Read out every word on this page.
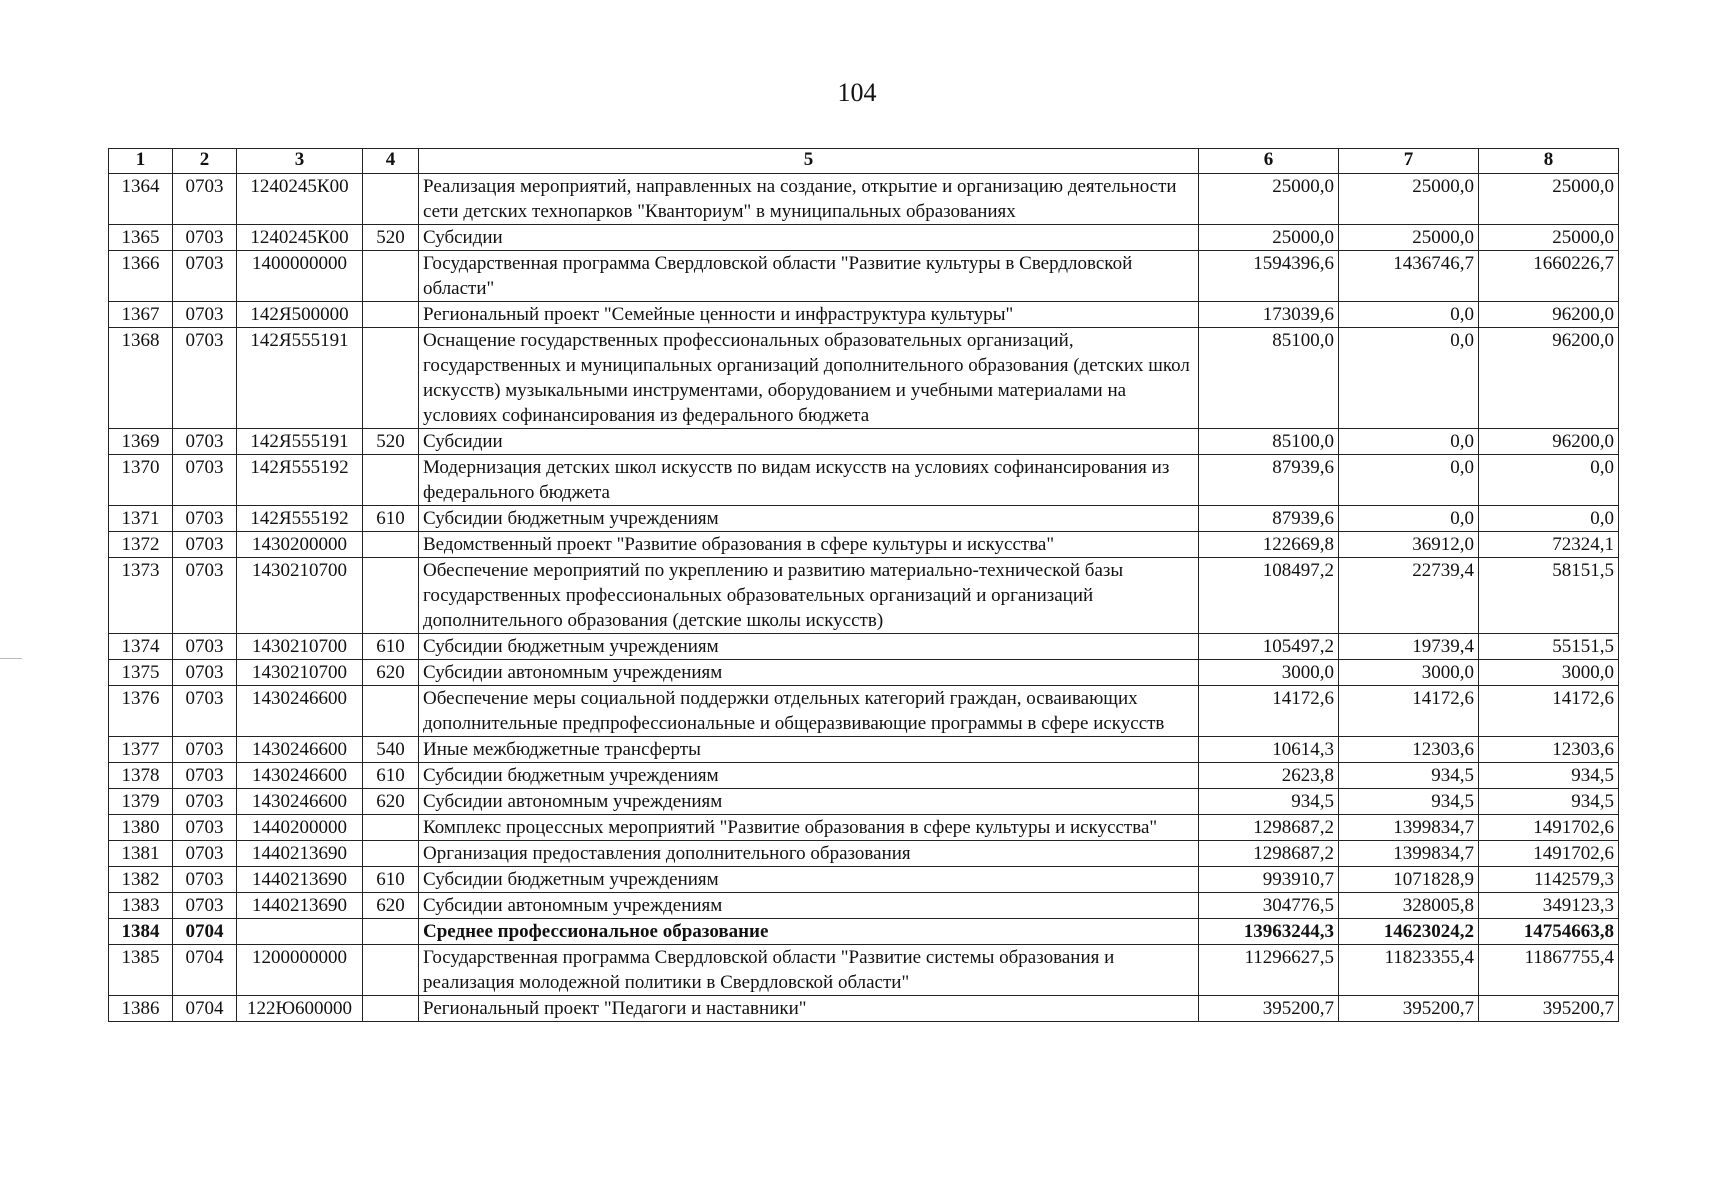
104
1	2	3	4	5	6	7	8
1364	0703	1240245К00		Реализация мероприятий, направленных на создание, открытие и организацию деятельности сети детских технопарков "Кванториум" в муниципальных образованиях	25000,0	25000,0	25000,0
1365	0703	1240245К00	520	Субсидии	25000,0	25000,0	25000,0
1366	0703	1400000000		Государственная программа Свердловской области "Развитие культуры в Свердловской области"	1594396,6	1436746,7	1660226,7
1367	0703	142Я500000		Региональный проект "Семейные ценности и инфраструктура культуры"	173039,6	0,0	96200,0
1368	0703	142Я555191		Оснащение государственных профессиональных образовательных организаций, государственных и муниципальных организаций дополнительного образования (детских школ искусств) музыкальными инструментами, оборудованием и учебными материалами на условиях софинансирования из федерального бюджета	85100,0	0,0	96200,0
1369	0703	142Я555191	520	Субсидии	85100,0	0,0	96200,0
1370	0703	142Я555192		Модернизация детских школ искусств по видам искусств на условиях софинансирования из федерального бюджета	87939,6	0,0	0,0
1371	0703	142Я555192	610	Субсидии бюджетным учреждениям	87939,6	0,0	0,0
1372	0703	1430200000		Ведомственный проект "Развитие образования в сфере культуры и искусства"	122669,8	36912,0	72324,1
1373	0703	1430210700		Обеспечение мероприятий по укреплению и развитию материально-технической базы государственных профессиональных образовательных организаций и организаций дополнительного образования (детские школы искусств)	108497,2	22739,4	58151,5
1374	0703	1430210700	610	Субсидии бюджетным учреждениям	105497,2	19739,4	55151,5
1375	0703	1430210700	620	Субсидии автономным учреждениям	3000,0	3000,0	3000,0
1376	0703	1430246600		Обеспечение меры социальной поддержки отдельных категорий граждан, осваивающих дополнительные предпрофессиональные и общеразвивающие программы в сфере искусств	14172,6	14172,6	14172,6
1377	0703	1430246600	540	Иные межбюджетные трансферты	10614,3	12303,6	12303,6
1378	0703	1430246600	610	Субсидии бюджетным учреждениям	2623,8	934,5	934,5
1379	0703	1430246600	620	Субсидии автономным учреждениям	934,5	934,5	934,5
1380	0703	1440200000		Комплекс процессных мероприятий "Развитие образования в сфере культуры и искусства"	1298687,2	1399834,7	1491702,6
1381	0703	1440213690		Организация предоставления дополнительного образования	1298687,2	1399834,7	1491702,6
1382	0703	1440213690	610	Субсидии бюджетным учреждениям	993910,7	1071828,9	1142579,3
1383	0703	1440213690	620	Субсидии автономным учреждениям	304776,5	328005,8	349123,3
1384	0704			Среднее профессиональное образование	13963244,3	14623024,2	14754663,8
1385	0704	1200000000		Государственная программа Свердловской области "Развитие системы образования и реализация молодежной политики в Свердловской области"	11296627,5	11823355,4	11867755,4
1386	0704	122Ю600000		Региональный проект "Педагоги и наставники"	395200,7	395200,7	395200,7
